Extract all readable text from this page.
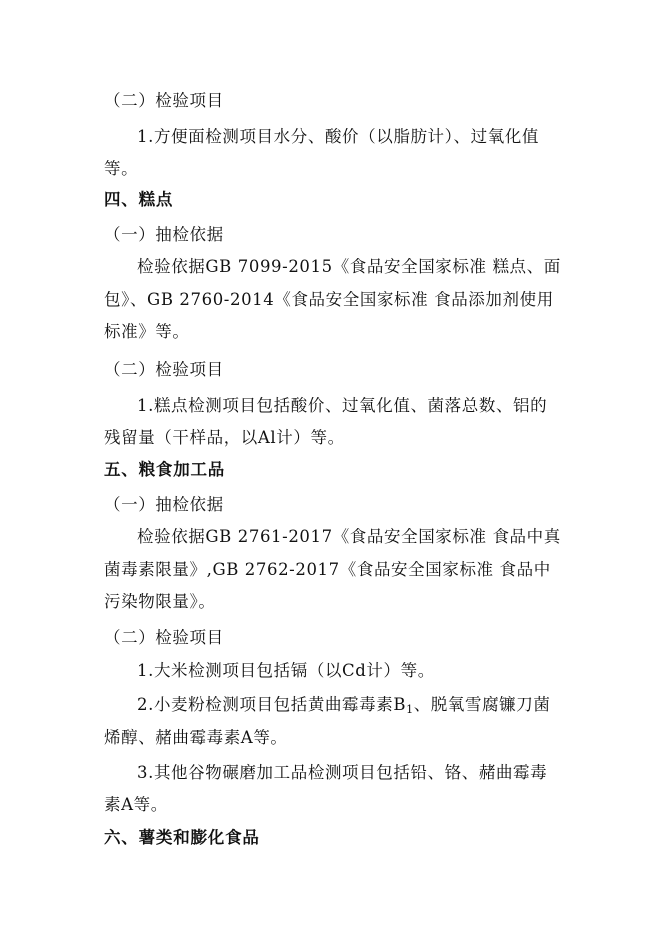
（二）检验项目
1.方便面检测项目水分、酸价（以脂肪计）、过氧化值
等。
四、糕点
（一）抽检依据
检验依据GB 7099-2015《食品安全国家标准 糕点、面
包》、GB 2760-2014《食品安全国家标准 食品添加剂使用
标准》等。
（二）检验项目
1.糕点检测项目包括酸价、过氧化值、菌落总数、铝的
残留量（干样品，以Al计）等。
五、粮食加工品
（一）抽检依据
检验依据GB 2761-2017《食品安全国家标准 食品中真
菌毒素限量》,GB 2762-2017《食品安全国家标准 食品中
污染物限量》。
（二）检验项目
1.大米检测项目包括镉（以Cd计）等。
2.小麦粉检测项目包括黄曲霉毒素$B_1$、脱氧雪腐镰刀菌
烯醇、赭曲霉毒素A等。
3.其他谷物碾磨加工品检测项目包括铅、铬、赭曲霉毒
素A等。
六、薯类和膨化食品
